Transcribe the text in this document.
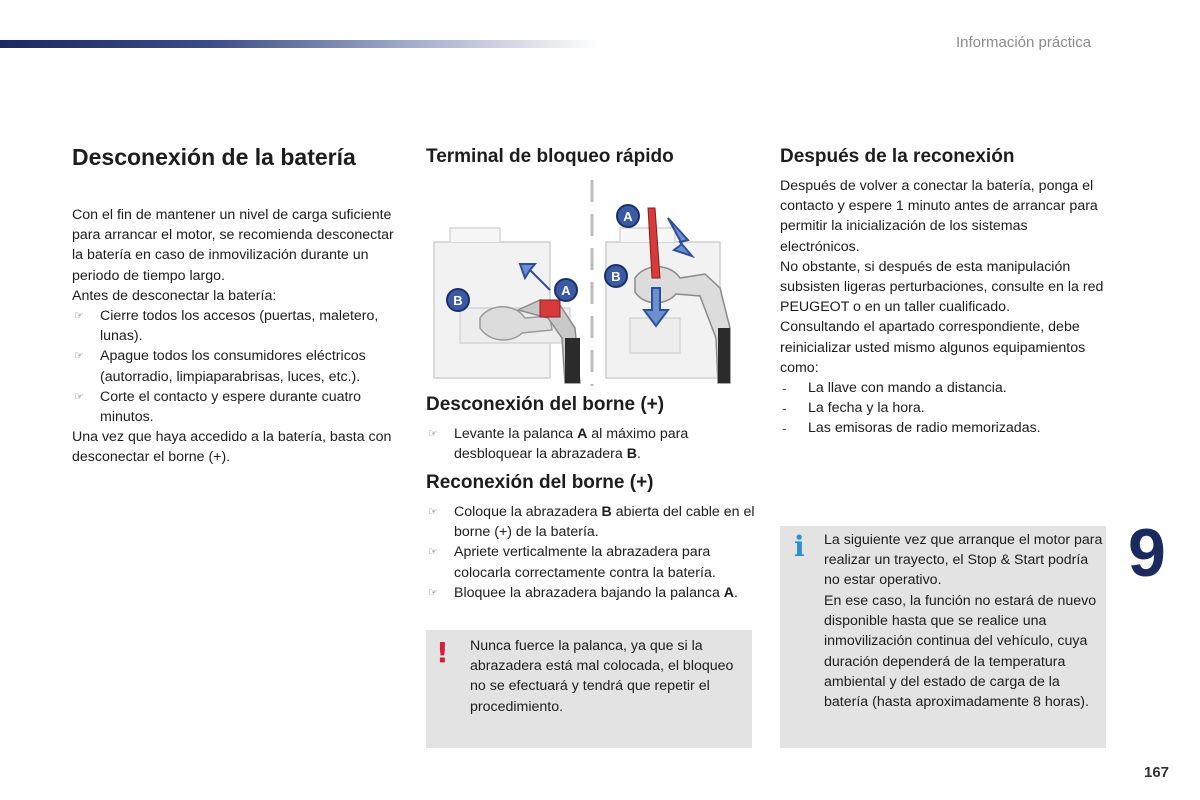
Información práctica
Desconexión de la batería

Con el fin de mantener un nivel de carga suficiente para arrancar el motor, se recomienda desconectar la batería en caso de inmovilización durante un periodo de tiempo largo.

Antes de desconectar la batería:

☞ Cierre todos los accesos (puertas, maletero, lunas).
☞ Apague todos los consumidores eléctricos (autorradio, limpiaparabrisas, luces, etc.).
☞ Corte el contacto y espere durante cuatro minutos.

Una vez que haya accedido a la batería, basta con desconectar el borne (+).

Terminal de bloqueo rápido
B
A
A
B
Desconexión del borne (+)
☞ Levante la palanca A al máximo para desbloquear la abrazadera B.
Reconexión del borne (+)
☞ Coloque la abrazadera B abierta del cable en el borne (+) de la batería.
☞ Apriete verticalmente la abrazadera para colocarla correctamente contra la batería.
☞ Bloquee la abrazadera bajando la palanca A.
! Nunca fuerce la palanca, ya que si la abrazadera está mal colocada, el bloqueo no se efectuará y tendrá que repetir el procedimiento.

Después de la reconexión

Después de volver a conectar la batería, ponga el contacto y espere 1 minuto antes de arrancar para permitir la inicialización de los sistemas electrónicos.

No obstante, si después de esta manipulación subsisten ligeras perturbaciones, consulte en la red PEUGEOT o en un taller cualificado.

Consultando el apartado correspondiente, debe reinicializar usted mismo algunos equipamientos como:

- La llave con mando a distancia.
- La fecha y la hora.
- Las emisoras de radio memorizadas.
i La siguiente vez que arranque el motor para realizar un trayecto, el Stop & Start podría no estar operativo.

En ese caso, la función no estará de nuevo disponible hasta que se realice una inmovilización continua del vehículo, cuya duración dependerá de la temperatura ambiental y del estado de carga de la batería (hasta aproximadamente 8 horas).

9
167
